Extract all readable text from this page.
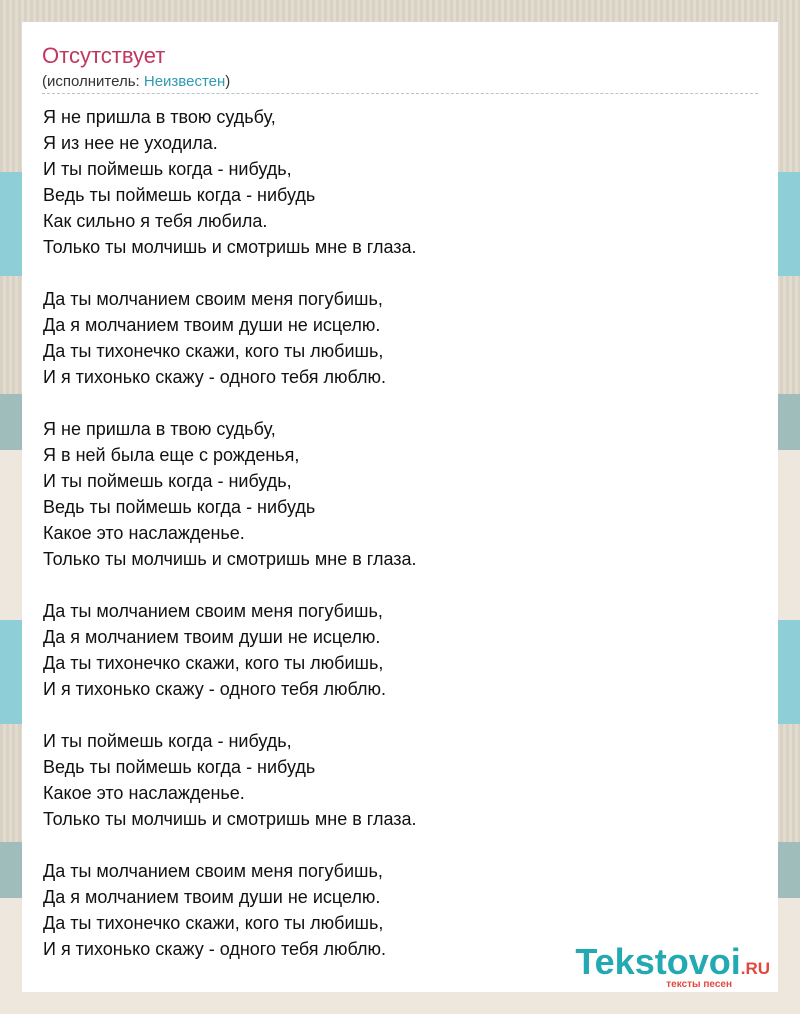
Отсутствует
(исполнитель: Неизвестен)
Я не пришла в твою судьбу,
Я из нее не уходила.
И ты поймешь когда - нибудь,
Ведь ты поймешь когда - нибудь
Как сильно я тебя любила.
Только ты молчишь и смотришь мне в глаза.
Да ты молчанием своим меня погубишь,
Да я молчанием твоим души не исцелю.
Да ты тихонечко скажи, кого ты любишь,
И я тихонько скажу - одного тебя люблю.
Я не пришла в твою судьбу,
Я в ней была еще с рожденья,
И ты поймешь когда - нибудь,
Ведь ты поймешь когда - нибудь
Какое это наслажденье.
Только ты молчишь и смотришь мне в глаза.
Да ты молчанием своим меня погубишь,
Да я молчанием твоим души не исцелю.
Да ты тихонечко скажи, кого ты любишь,
И я тихонько скажу - одного тебя люблю.
И ты поймешь когда - нибудь,
Ведь ты поймешь когда - нибудь
Какое это наслажденье.
Только ты молчишь и смотришь мне в глаза.
Да ты молчанием своим меня погубишь,
Да я молчанием твоим души не исцелю.
Да ты тихонечко скажи, кого ты любишь,
И я тихонько скажу - одного тебя люблю.	Tekstovoi.RU
тексты песен
